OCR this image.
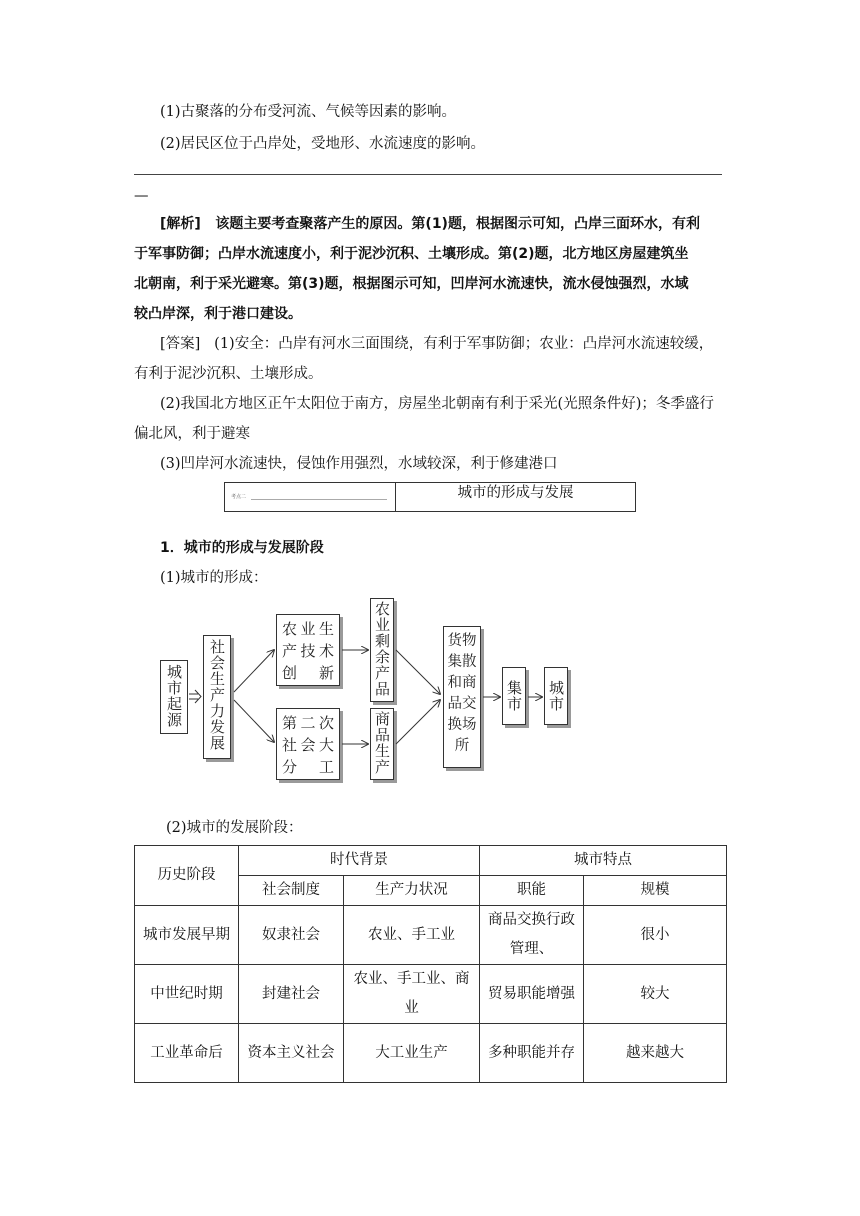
(1)古聚落的分布受河流、气候等因素的影响。
(2)居民区位于凸岸处，受地形、水流速度的影响。
—
[解析] 该题主要考查聚落产生的原因。第(1)题，根据图示可知，凸岸三面环水，有利
于军事防御；凸岸水流速度小，利于泥沙沉积、土壤形成。第(2)题，北方地区房屋建筑坐
北朝南，利于采光避寒。第(3)题，根据图示可知，凹岸河水流速快，流水侵蚀强烈，水域
较凸岸深，利于港口建设。
[答案] (1)安全：凸岸有河水三面围绕，有利于军事防御；农业：凸岸河水流速较缓，
有利于泥沙沉积、土壤形成。
(2)我国北方地区正午太阳位于南方，房屋坐北朝南有利于采光(光照条件好)；冬季盛行
偏北风，利于避寒
(3)凹岸河水流速快，侵蚀作用强烈，水域较深，利于修建港口
考点二	城市的形成与发展
1．城市的形成与发展阶段
(1)城市的形成：
城市起源 社会生产力发展
农业生产技术创新
第二次社会大分工
农业剩余产品
商品生产
货物集散和商品交换场所
集市 城市
(2)城市的发展阶段：
历史阶段	时代背景		城市特点	
	社会制度	生产力状况	职能	规模
城市发展早期	奴隶社会	农业、手工业	商品交换行政管理、	很小
中世纪时期	封建社会	农业、手工业、商业	贸易职能增强	较大
工业革命后	资本主义社会	大工业生产	多种职能并存	越来越大
